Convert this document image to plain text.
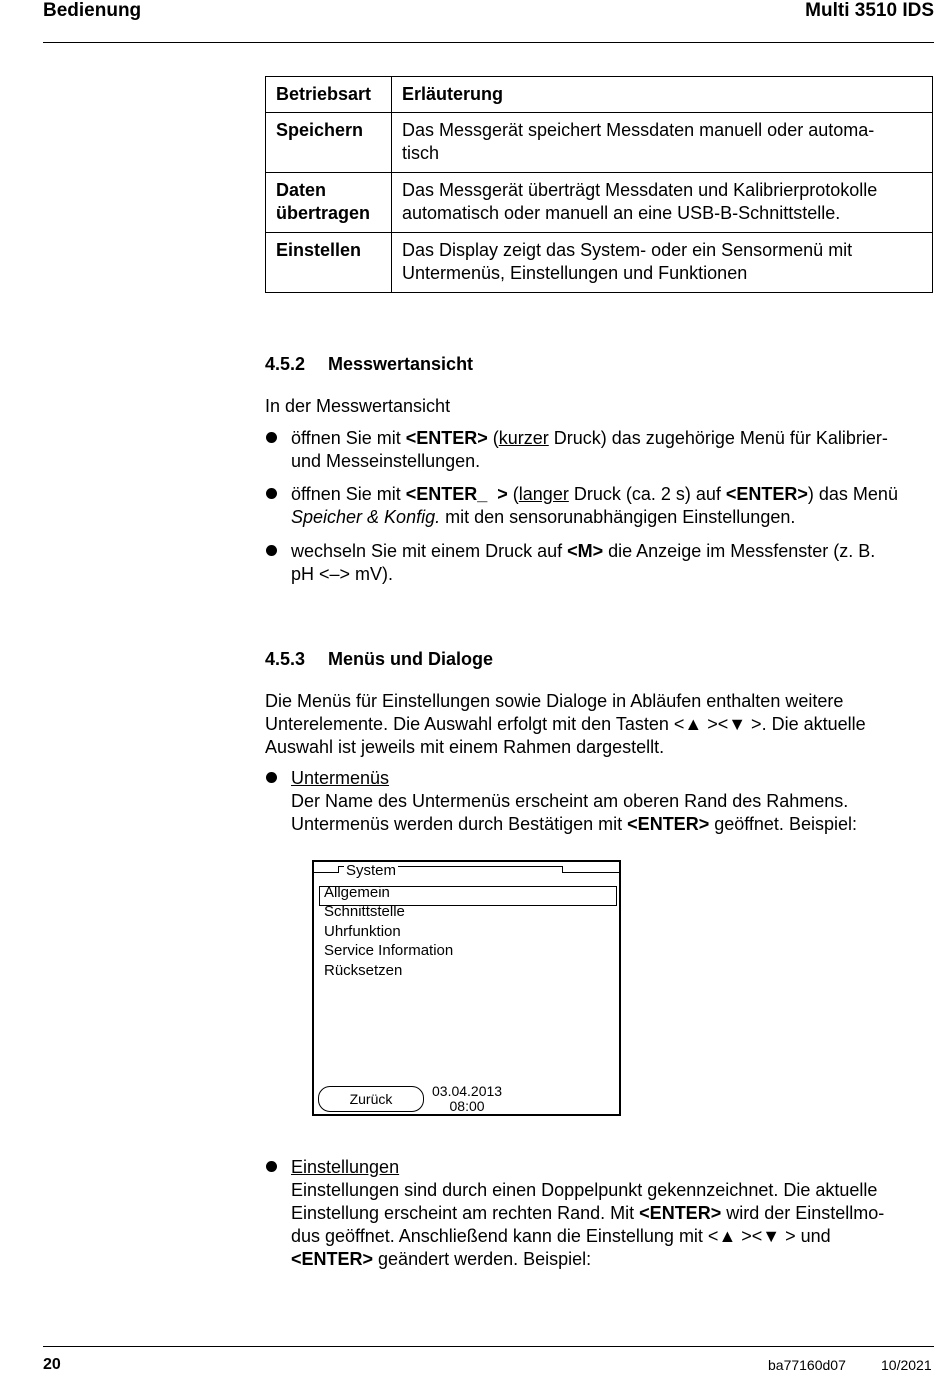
Bedienung	Multi 3510 IDS
Betriebsart	Erläuterung
Speichern	Das Messgerät speichert Messdaten manuell oder automa-
tisch
Daten
übertragen	Das Messgerät überträgt Messdaten und Kalibrierprotokolle automatisch oder manuell an eine USB-B-Schnittstelle.
Einstellen	Das Display zeigt das System- oder ein Sensormenü mit Untermenüs, Einstellungen und Funktionen
4.5.2 Messwertansicht
In der Messwertansicht
öffnen Sie mit <ENTER> (kurzer Druck) das zugehörige Menü für Kalibrier-
und Messeinstellungen.
öffnen Sie mit <ENTER_  > (langer Druck (ca. 2 s) auf <ENTER>) das Menü
Speicher & Konfig. mit den sensorunabhängigen Einstellungen.
wechseln Sie mit einem Druck auf <M> die Anzeige im Messfenster (z. B.
pH <–> mV).
4.5.3 Menüs und Dialoge
Die Menüs für Einstellungen sowie Dialoge in Abläufen enthalten weitere
Unterelemente. Die Auswahl erfolgt mit den Tasten <▲ ><▼ >. Die aktuelle
Auswahl ist jeweils mit einem Rahmen dargestellt.
Untermenüs
Der Name des Untermenüs erscheint am oberen Rand des Rahmens.
Untermenüs werden durch Bestätigen mit <ENTER> geöffnet. Beispiel:
System
Allgemein
Schnittstelle
Uhrfunktion
Service Information
Rücksetzen
Zurück	03.04.2013
08:00
Einstellungen
Einstellungen sind durch einen Doppelpunkt gekennzeichnet. Die aktuelle
Einstellung erscheint am rechten Rand. Mit <ENTER> wird der Einstellmo-
dus geöffnet. Anschließend kann die Einstellung mit <▲ ><▼ > und
<ENTER> geändert werden. Beispiel:
20	ba77160d07	10/2021
